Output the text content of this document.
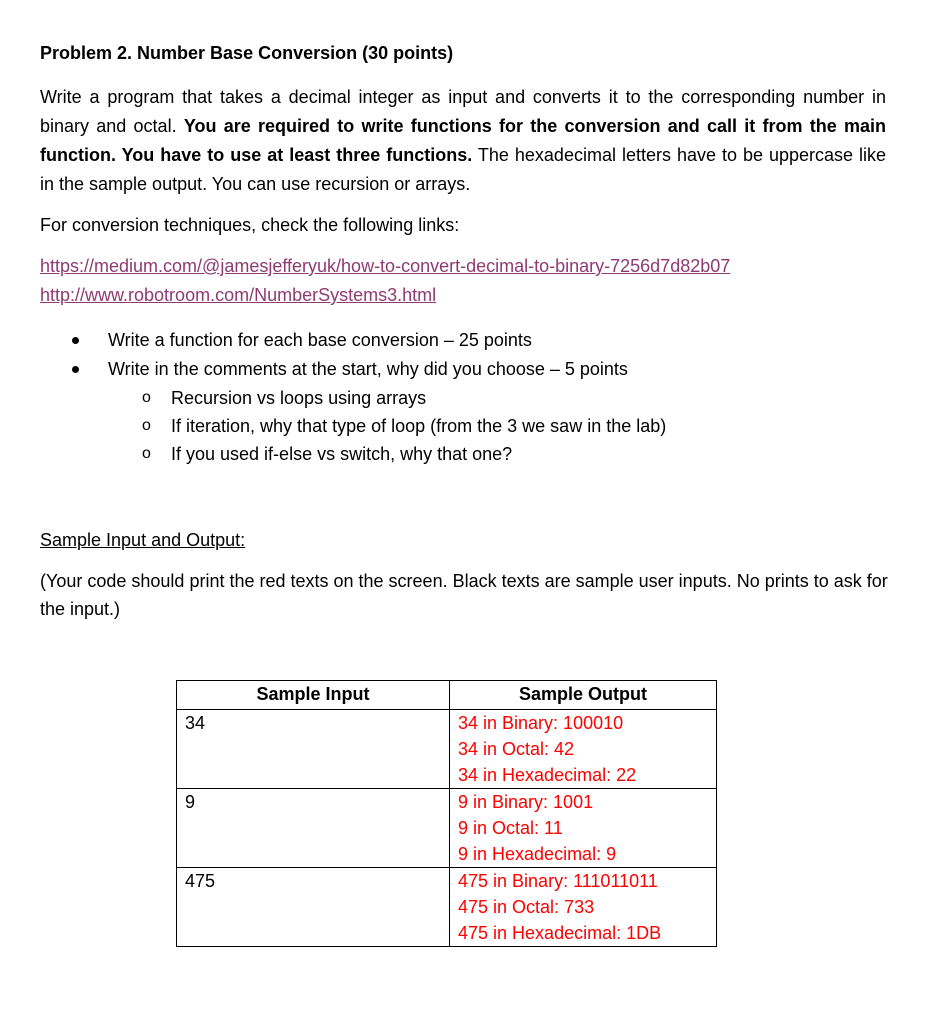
Problem 2. Number Base Conversion (30 points)

Write a program that takes a decimal integer as input and converts it to the corresponding number in binary and octal. You are required to write functions for the conversion and call it from the main function. You have to use at least three functions. The hexadecimal letters have to be uppercase like in the sample output. You can use recursion or arrays.

For conversion techniques, check the following links:

https://medium.com/@jamesjefferyuk/how-to-convert-decimal-to-binary-7256d7d82b07
http://www.robotroom.com/NumberSystems3.html
Write a function for each base conversion – 25 points
Write in the comments at the start, why did you choose – 5 points
o Recursion vs loops using arrays
o If iteration, why that type of loop (from the 3 we saw in the lab)
o If you used if-else vs switch, why that one?

Sample Input and Output:

(Your code should print the red texts on the screen. Black texts are sample user inputs. No prints to ask for the input.)

Sample Input	Sample Output
34	34 in Binary: 100010
34 in Octal: 42
34 in Hexadecimal: 22

9	9 in Binary: 1001
9 in Octal: 11
9 in Hexadecimal: 9

475	475 in Binary: 111011011
475 in Octal: 733
475 in Hexadecimal: 1DB
